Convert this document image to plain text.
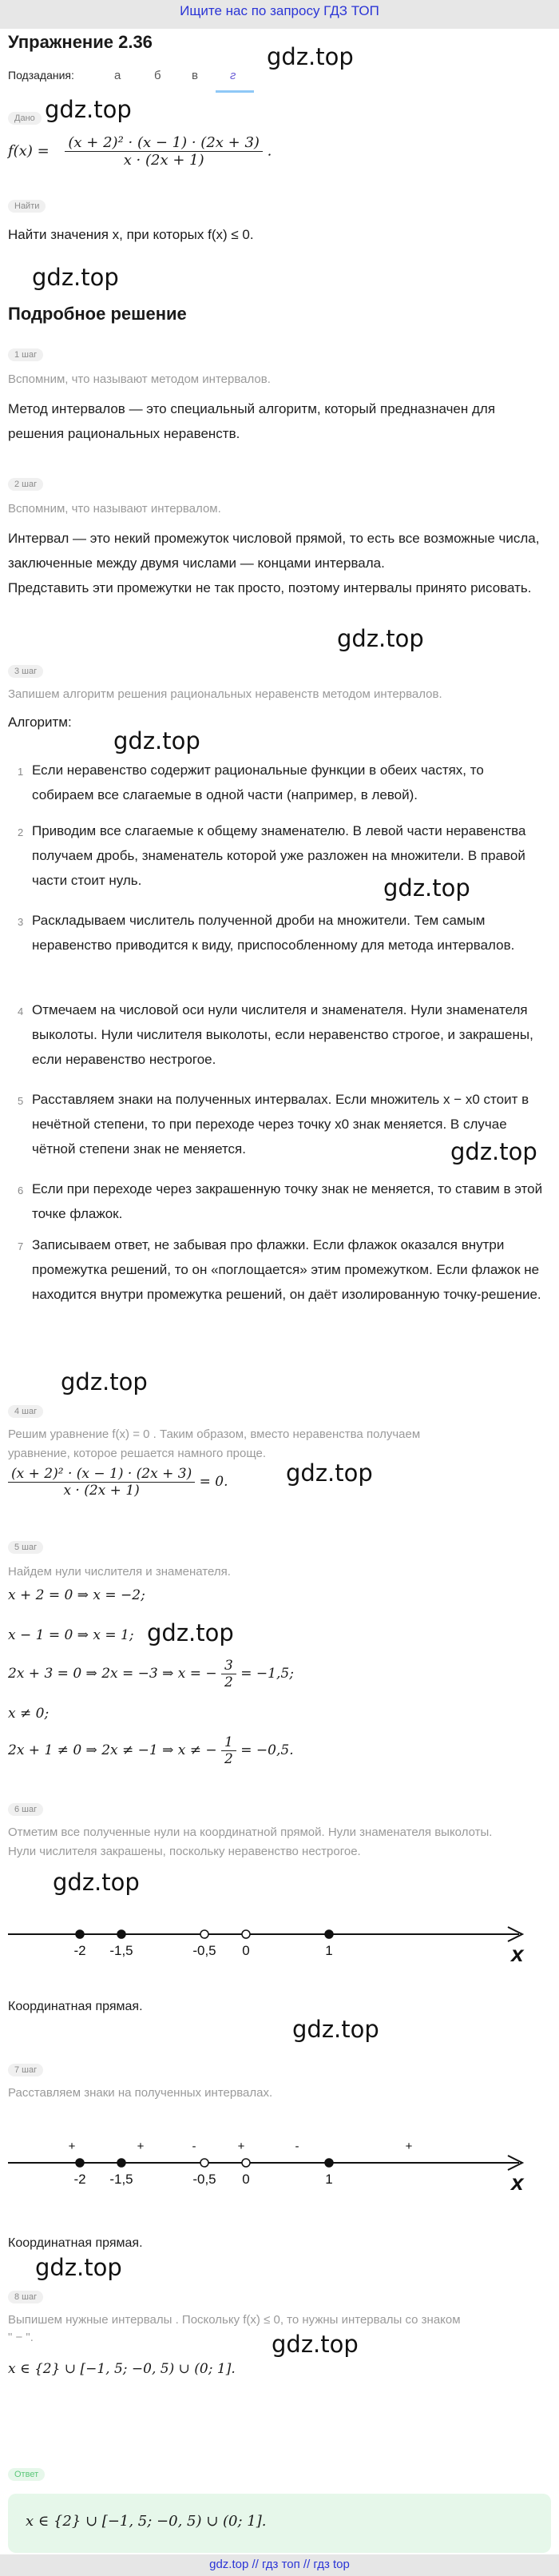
Ищите нас по запросу ГДЗ ТОП
Упражнение 2.36
gdz.top
Подзадания:	а	б	в	г
Дано gdz.top
$f(x) = \frac{\text{(x + 2)² · (x − 1) · (2x + 3)}}{x \cdot (2x + 1)}$ .
Найти
Найти значения x, при которых f(x) ≤ 0.
gdz.top
Подробное решение
1 шаг
Вспомним, что называют методом интервалов.
Метод интервалов — это специальный алгоритм, который предназначен для решения рациональных неравенств.
2 шаг
Вспомним, что называют интервалом.
Интервал — это некий промежуток числовой прямой, то есть все возможные числа, заключенные между двумя числами — концами интервала.
Представить эти промежутки не так просто, поэтому интервалы принято рисовать.
gdz.top
3 шаг
Запишем алгоритм решения рациональных неравенств методом интервалов.
Алгоритм:
gdz.top
1 Если неравенство содержит рациональные функции в обеих частях, то собираем все слагаемые в одной части (например, в левой).
2 Приводим все слагаемые к общему знаменателю. В левой части неравенства получаем дробь, знаменатель которой уже разложен на множители. В правой части стоит нуль.	gdz.top
3 Раскладываем числитель полученной дроби на множители. Тем самым неравенство приводится к виду, приспособленному для метода интервалов.
4 Отмечаем на числовой оси нули числителя и знаменателя. Нули знаменателя выколоты. Нули числителя выколоты, если неравенство строгое, и закрашены, если неравенство нестрогое.
5 Расставляем знаки на полученных интервалах. Если множитель x − x0 стоит в нечётной степени, то при переходе через точку x0 знак меняется. В случае чётной степени знак не меняется.	gdz.top
6 Если при переходе через закрашенную точку знак не меняется, то ставим в этой точке флажок.
7 Записываем ответ, не забывая про флажки. Если флажок оказался внутри промежутка решений, то он «поглощается» этим промежутком. Если флажок не находится внутри промежутка решений, он даёт изолированную точку-решение.
gdz.top
4 шаг
Решим уравнение f(x) = 0 . Таким образом, вместо неравенства получаем
уравнение, которое решается намного проще.
gdz.top
$\frac{\text{(x + 2)² · (x − 1) · (2x + 3)}}{x \cdot (2x + 1)} = 0$.
5 шаг
Найдем нули числителя и знаменателя.
x + 2 = 0 ⇒ x = −2;
x − 1 = 0 ⇒ x = 1; gdz.top
2x + 3 = 0 ⇒ 2x = −3 ⇒ x = − $\frac{3}{2} = -1,5$;
x ≠ 0;
2x + 1 ≠ 0 ⇒ 2x ≠ −1 ⇒ x ≠ − $\frac{1}{2} = -0,5$.
6 шаг
Отметим все полученные нули на координатной прямой. Нули знаменателя выколоты.
Нули числителя закрашены, поскольку неравенство нестрогое.
gdz.top
x
-2 -1,5	-0,5 0	1
Координатная прямая.
gdz.top
7 шаг
Расставляем знаки на полученных интервалах.
x
-2 -1,5	-0,5 0	1
+	+	-	+	-	+
Координатная прямая.
gdz.top
8 шаг
Выпишем нужные интервалы . Поскольку f(x) ≤ 0, то нужны интервалы со знаком
" − ".	gdz.top
x ∈ {2} ∪ [−1, 5; −0, 5) ∪ (0; 1].
Ответ
x ∈ {2} ∪ [−1, 5; −0, 5) ∪ (0; 1].
gdz.top // гдз топ // гдз top
